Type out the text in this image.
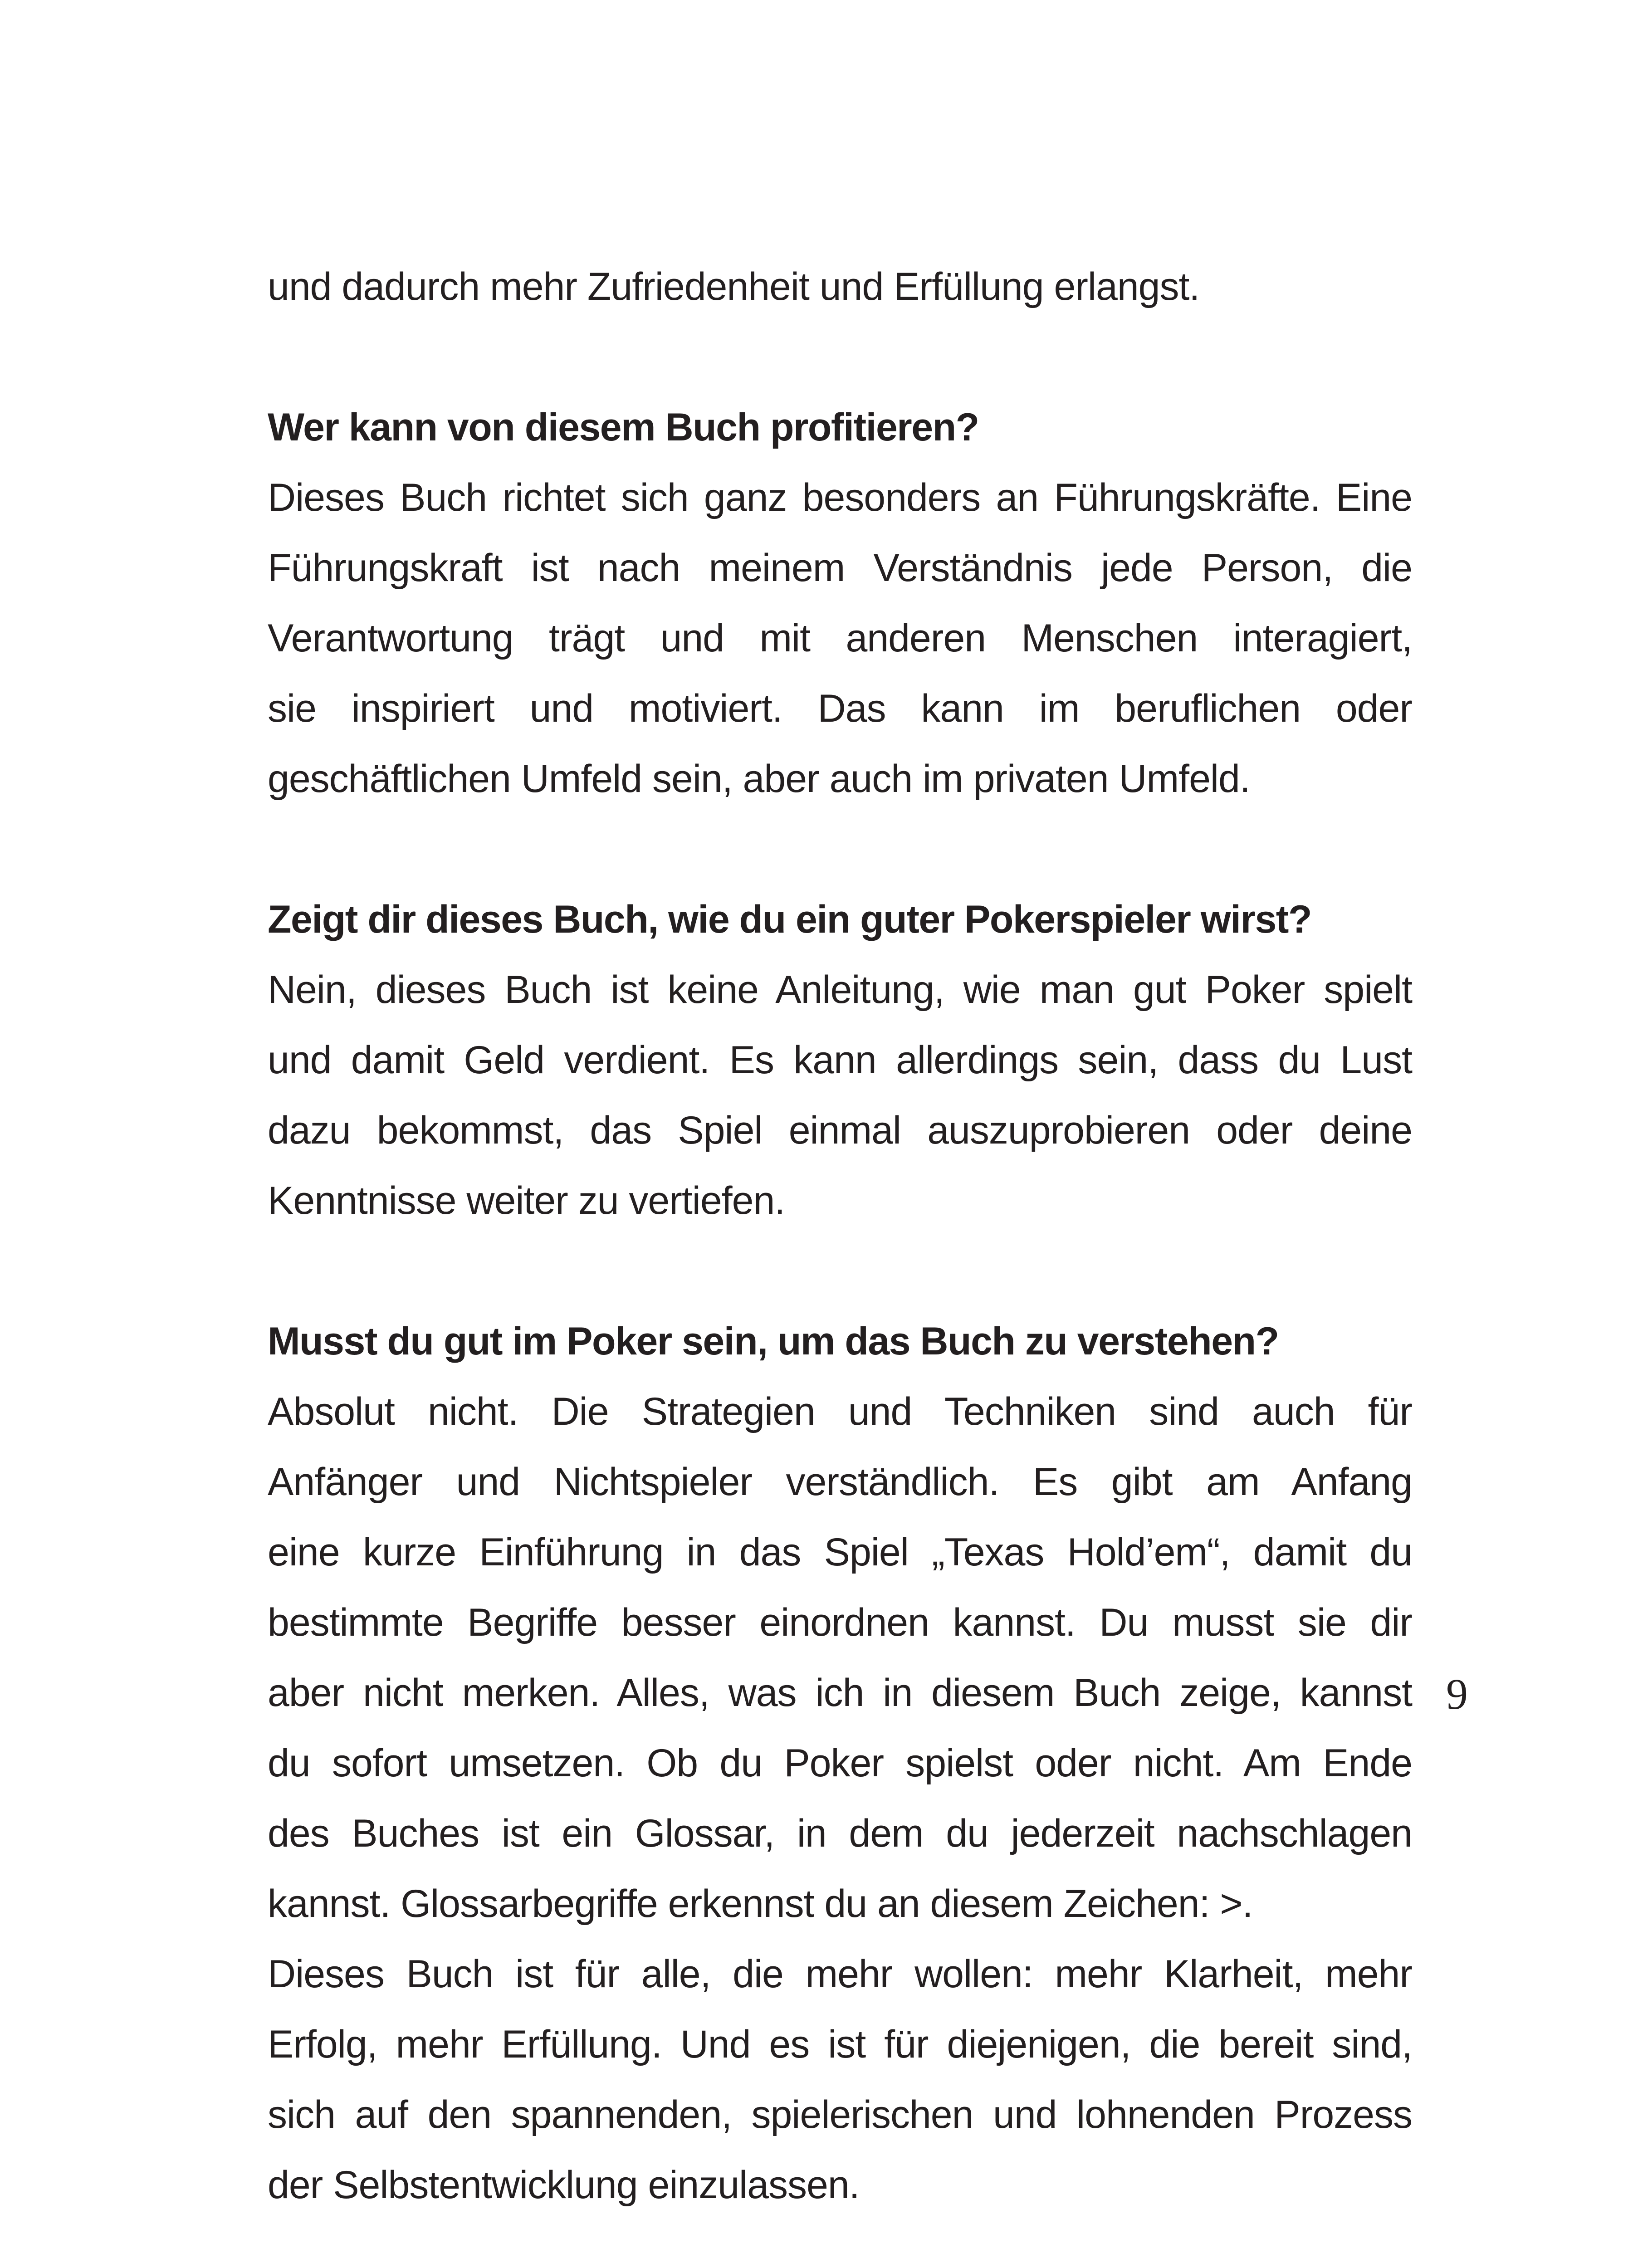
und dadurch mehr Zufriedenheit und Erfüllung erlangst.
Wer kann von diesem Buch profitieren?
Dieses Buch richtet sich ganz besonders an Führungskräfte. Eine
Führungskraft ist nach meinem Verständnis jede Person, die
Verantwortung trägt und mit anderen Menschen interagiert,
sie inspiriert und motiviert. Das kann im beruflichen oder
geschäftlichen Umfeld sein, aber auch im privaten Umfeld.
Zeigt dir dieses Buch, wie du ein guter Pokerspieler wirst?
Nein, dieses Buch ist keine Anleitung, wie man gut Poker spielt
und damit Geld verdient. Es kann allerdings sein, dass du Lust
dazu bekommst, das Spiel einmal auszuprobieren oder deine
Kenntnisse weiter zu vertiefen.
Musst du gut im Poker sein, um das Buch zu verstehen?
Absolut nicht. Die Strategien und Techniken sind auch für
Anfänger und Nichtspieler verständlich. Es gibt am Anfang
eine kurze Einführung in das Spiel „Texas Hold’em“, damit du
bestimmte Begriffe besser einordnen kannst. Du musst sie dir
aber nicht merken. Alles, was ich in diesem Buch zeige, kannst
du sofort umsetzen. Ob du Poker spielst oder nicht. Am Ende
des Buches ist ein Glossar, in dem du jederzeit nachschlagen
kannst. Glossarbegriffe erkennst du an diesem Zeichen: >.
Dieses Buch ist für alle, die mehr wollen: mehr Klarheit, mehr
Erfolg, mehr Erfüllung. Und es ist für diejenigen, die bereit sind,
sich auf den spannenden, spielerischen und lohnenden Prozess
der Selbstentwicklung einzulassen.
9
